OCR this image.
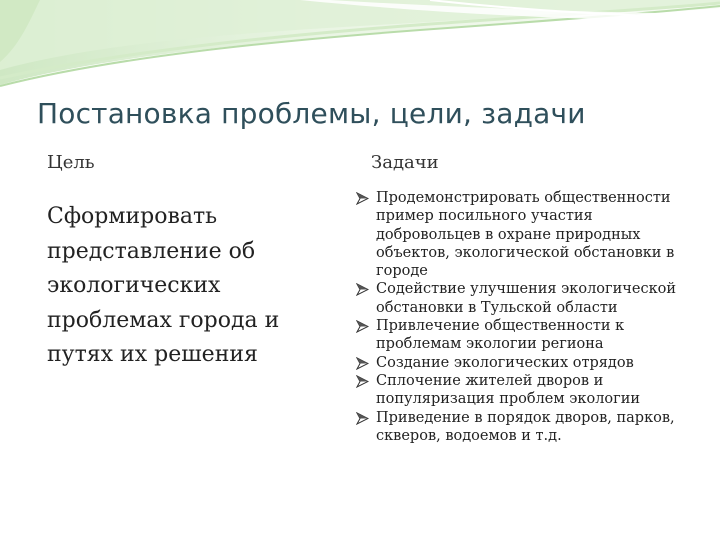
Постановка проблемы, цели, задачи
Цель	Задачи
Сформировать представление об экологических проблемах города и путях их решения
Продемонстрировать общественности пример посильного участия добровольцев в охране природных объектов, экологической обстановки в городе
Содействие улучшения экологической обстановки в Тульской области
Привлечение общественности к проблемам экологии региона
Создание экологических отрядов
Сплочение жителей дворов и популяризация проблем экологии
Приведение в порядок дворов, парков, скверов, водоемов и т.д.
